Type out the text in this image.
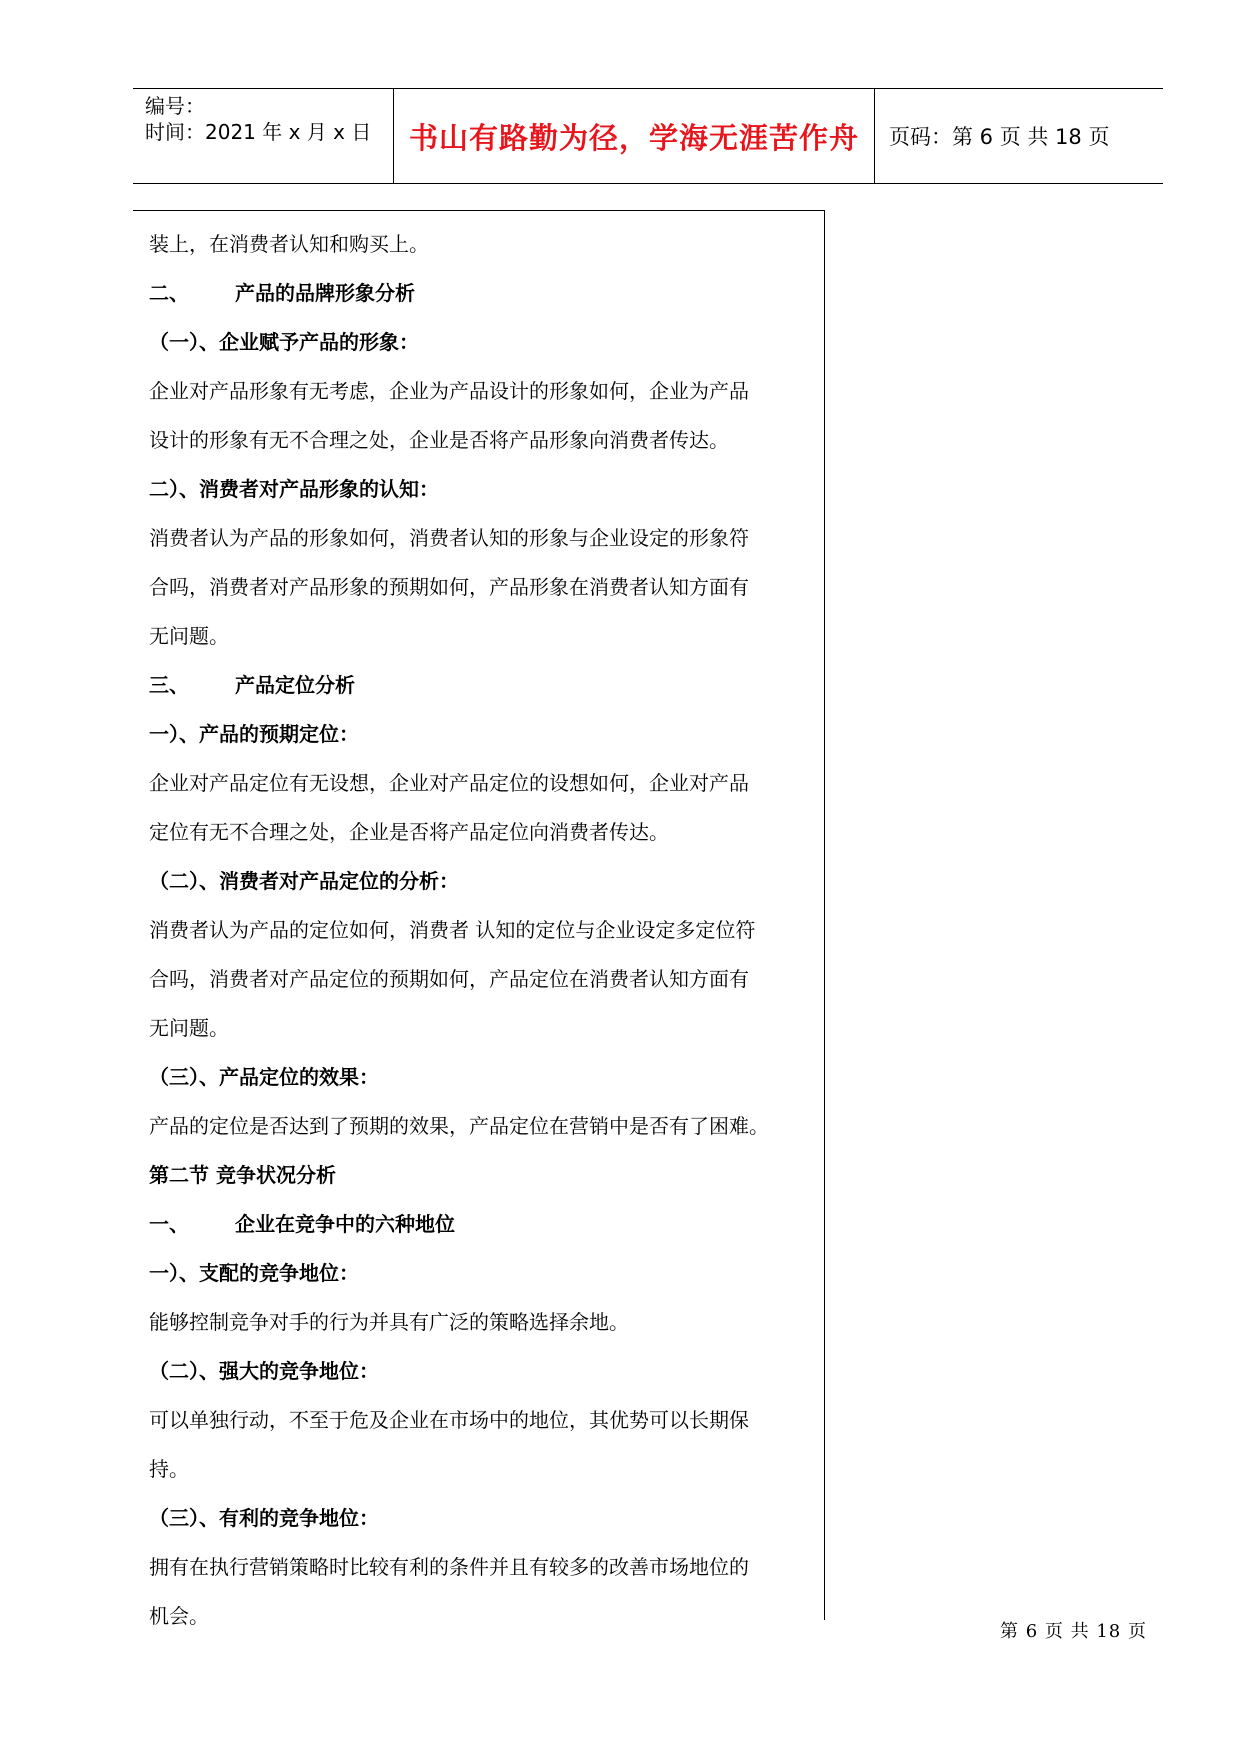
编号：
时间：2021 年 x 月 x 日	书山有路勤为径，学海无涯苦作舟 页码：第 6 页 共 18 页

装上，在消费者认知和购买上。

二、 产品的品牌形象分析

（一）、企业赋予产品的形象：

企业对产品形象有无考虑，企业为产品设计的形象如何，企业为产品

设计的形象有无不合理之处，企业是否将产品形象向消费者传达。

二）、消费者对产品形象的认知：

消费者认为产品的形象如何，消费者认知的形象与企业设定的形象符

合吗，消费者对产品形象的预期如何，产品形象在消费者认知方面有

无问题。

三、 产品定位分析

一）、产品的预期定位：

企业对产品定位有无设想，企业对产品定位的设想如何，企业对产品

定位有无不合理之处，企业是否将产品定位向消费者传达。

（二）、消费者对产品定位的分析：

消费者认为产品的定位如何，消费者 认知的定位与企业设定多定位符

合吗，消费者对产品定位的预期如何，产品定位在消费者认知方面有

无问题。

（三）、产品定位的效果：

产品的定位是否达到了预期的效果，产品定位在营销中是否有了困难。

第二节 竞争状况分析

一、 企业在竞争中的六种地位

一）、支配的竞争地位：

能够控制竞争对手的行为并具有广泛的策略选择余地。

（二）、强大的竞争地位：

可以单独行动，不至于危及企业在市场中的地位，其优势可以长期保

持。

（三）、有利的竞争地位：

拥有在执行营销策略时比较有利的条件并且有较多的改善市场地位的

机会。

第 6 页 共 18 页
